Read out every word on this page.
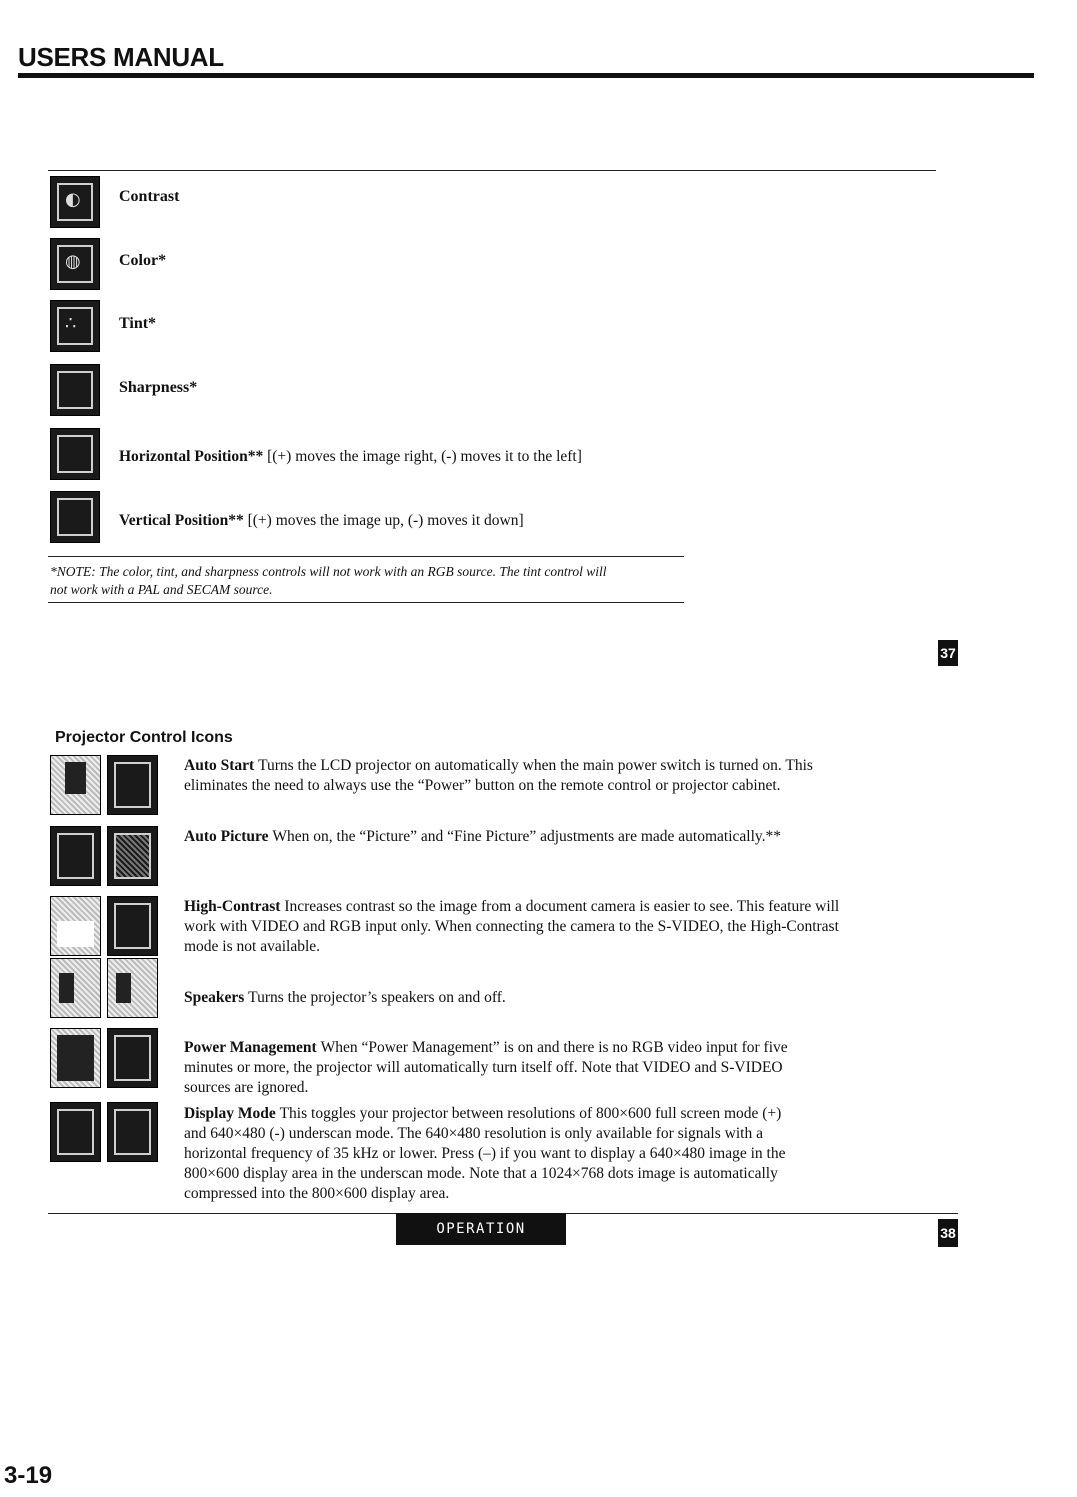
USERS MANUAL
◐ Contrast
◍ Color*
∴	Tint*
Sharpness*
Horizontal Position** [(+) moves the image right, (-) moves it to the left]
Vertical Position** [(+) moves the image up, (-) moves it down]
*NOTE: The color, tint, and sharpness controls will not work with an RGB source. The tint control will
not work with a PAL and SECAM source.
37
Projector Control Icons
Auto Start Turns the LCD projector on automatically when the main power switch is turned on. This
eliminates the need to always use the “Power” button on the remote control or projector cabinet.
Auto Picture When on, the “Picture” and “Fine Picture” adjustments are made automatically.**
High-Contrast Increases contrast so the image from a document camera is easier to see. This feature will
work with VIDEO and RGB input only. When connecting the camera to the S-VIDEO, the High-Contrast
mode is not available.
Speakers Turns the projector’s speakers on and off.
Power Management When “Power Management” is on and there is no RGB video input for five
minutes or more, the projector will automatically turn itself off. Note that VIDEO and S-VIDEO
sources are ignored.
Display Mode This toggles your projector between resolutions of 800×600 full screen mode (+)
and 640×480 (-) underscan mode. The 640×480 resolution is only available for signals with a
horizontal frequency of 35 kHz or lower. Press (–) if you want to display a 640×480 image in the
800×600 display area in the underscan mode. Note that a 1024×768 dots image is automatically
compressed into the 800×600 display area.
OPERATION	38
3-19
